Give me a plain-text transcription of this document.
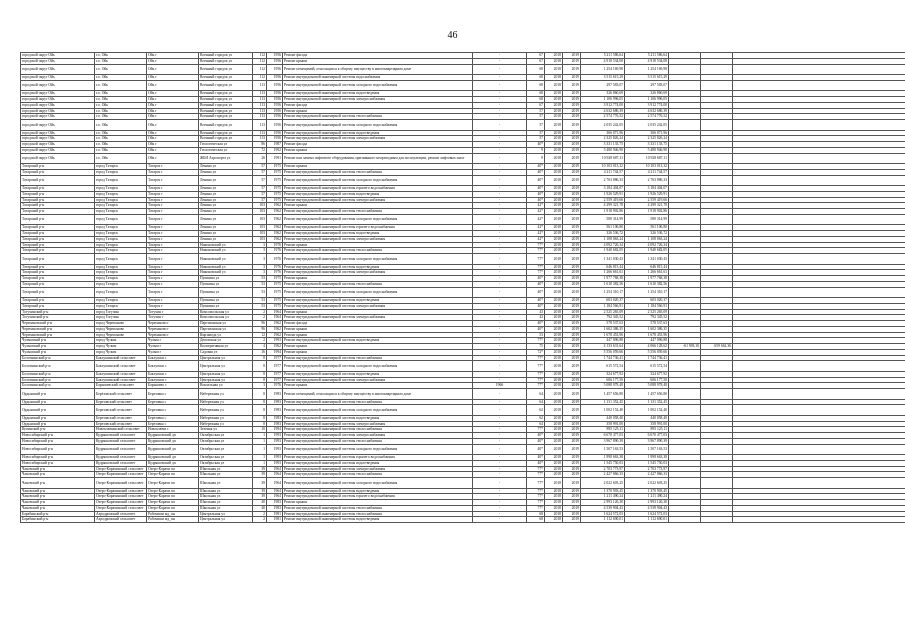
46
городской округ Ойь	г.о. Ойь	Ойь г	Военный городок ул	112	1956	Ремонт фасада	-	67	2018	2019	5 211 586,64	5 211 586,64			
городской округ Ойь	г.о. Ойь	Ойь г	Военный городок ул	112	1956	Ремонт крыши	-	67	2018	2019	4 918 534,08	4 918 534,08			
городской округ Ойь	г.о. Ойь	Ойь г	Военный городок ул	112	1956	Ремонт помещений, относящихся к общему имуществу в многоквартирном доме	-	68	2018	2019	1 254 169,98	1 254 169,98			
городской округ Ойь	г.о. Ойь	Ойь г	Военный городок ул	112	1956	Ремонт внутридомовой инженерной системы водоснабжения	-	68	2018	2019	3 515 615,29	3 515 615,29			
городской округ Ойь	г.о. Ойь	Ойь г	Военный городок ул	113	1956	Ремонт внутридомовой инженерной системы холодного водоснабжения	-	68	2018	2019	297 583,07	297 583,07			
городской округ Ойь	г.о. Ойь	Ойь г	Военный городок ул	113	1956	Ремонт внутридомовой инженерной системы водоотведения	-	68	2018	2019	326 860,69	326 860,69			
городской округ Ойь	г.о. Ойь	Ойь г	Военный городок ул	113	1956	Ремонт внутридомовой инженерной системы электроснабжения	-	68	2018	2019	1 106 996,05	1 106 996,05			
городской округ Ойь	г.о. Ойь	Ойь г	Военный городок ул	113	1956	Ремонт фасада	-	67	2018	2019	3 912 774,00	3 912 774,00			
городской округ Ойь	г.о. Ойь	Ойь г	Военный городок ул	113	1956	Ремонт крыши	-	57	2018	2019	4 632 686,39	4 632 686,39			
городской округ Ойь	г.о. Ойь	Ойь г	Военный городок ул	113	1956	Ремонт внутридомовой инженерной системы теплоснабжения	-	57	2018	2019	2 574 776,52	2 574 776,52			
городской округ Ойь	г.о. Ойь	Ойь г	Военный городок ул	113	1956	Ремонт внутридомовой инженерной системы холодного водоснабжения	-	57	2018	2019	2 035 242,05	2 035 242,05			
городской округ Ойь	г.о. Ойь	Ойь г	Военный городок ул	113	1956	Ремонт внутридомовой инженерной системы водоотведения	-	57	2018	2019	366 071,96	366 071,96			
городской округ Ойь	г.о. Ойь	Ойь г	Военный городок ул	113	1956	Ремонт внутридомовой инженерной системы электроснабжения	-	57	2018	2019	2 325 826,24	2 325 826,24			
городской округ Ойь	г.о. Ойь	Ойь г	Геологическая ул	86	1987	Ремонт фасада	-	40*	2018	2019	3 331 133,75	3 331 133,75			
городской округ Ойь	г.о. Ойь	Ойь г	Геологическая ул	72	1992	Ремонт крыши	-	9	2018	2019	5 480 946,90	5 480 946,90			
городской округ Ойь	г.о. Ойь	Ойь г	ЖБИ Аэропорта ул	26	1991	Ремонт или замена лифтового оборудования, признанного непригодным для эксплуатации, ремонт лифтовых шахт	-	9	2018	2019	10 928 687,11	10 928 687,11			
Татарский р-н	город Татарск	Татарск г	Ленина ул	57	1975	Ремонт крыши	-	40*	2018	2019	10 103 013,32	10 103 013,32			
Татарский р-н	город Татарск	Татарск г	Ленина ул	57	1975	Ремонт внутридомовой инженерной системы теплоснабжения	-	40*	2018	2019	4 211 744,57	4 211 744,57			
Татарский р-н	город Татарск	Татарск г	Ленина ул	57	1975	Ремонт внутридомовой инженерной системы холодного водоснабжения	-	40*	2018	2019	2 763 886,33	2 763 886,33			
Татарский р-н	город Татарск	Татарск г	Ленина ул	57	1975	Ремонт внутридомовой инженерной системы горячего водоснабжения	-	40*	2018	2019	3 184 404,07	3 184 404,07			
Татарский р-н	город Татарск	Татарск г	Ленина ул	57	1975	Ремонт внутридомовой инженерной системы водоотведения	-	40*	2018	2019	1 926 529,91	1 926 529,91			
Татарский р-н	город Татарск	Татарск г	Ленина ул	57	1975	Ремонт внутридомовой инженерной системы электроснабжения	-	40*	2018	2019	2 559 419,66	2 559 419,66			
Татарский р-н	город Татарск	Татарск г	Ленина ул	103	1962	Ремонт крыши	-	42*	2018	2019	4 299 321,78	4 299 321,78			
Татарский р-н	город Татарск	Татарск г	Ленина ул	103	1962	Ремонт внутридомовой инженерной системы теплоснабжения	-	42*	2018	2019	1 918 902,86	1 918 902,86			
Татарский р-н	город Татарск	Татарск г	Ленина ул	103	1962	Ремонт внутридомовой инженерной системы холодного водоснабжения	-	42*	2018	2019	580 314,99	580 314,99			
Татарский р-н	город Татарск	Татарск г	Ленина ул	103	1962	Ремонт внутридомовой инженерной системы горячего водоснабжения	-	42*	2018	2019	561 106,80	561 106,80			
Татарский р-н	город Татарск	Татарск г	Ленина ул	103	1962	Ремонт внутридомовой инженерной системы водоотведения	-	42*	2018	2019	326 536,72	326 536,72			
Татарский р-н	город Татарск	Татарск г	Ленина ул	103	1962	Ремонт внутридомовой инженерной системы электроснабжения	-	42*	2018	2019	1 108 063,24	1 108 063,24			
Татарский р-н	город Татарск	Татарск г	Никоновский ул	3	1976	Ремонт крыши	-	77*	2018	2019	4 092 726,34	4 092 726,34			
Татарский р-н	город Татарск	Татарск г	Никоновский ул	3	1976	Ремонт внутридомовой инженерной системы теплоснабжения	-	77*	2018	2019	1 940 682,05	1 940 682,05			
Татарский р-н	город Татарск	Татарск г	Никоновский ул	3	1976	Ремонт внутридомовой инженерной системы холодного водоснабжения	-	77*	2018	2019	1 341 030,43	1 341 030,43			
Татарский р-н	город Татарск	Татарск г	Никоновский ул	3	1976	Ремонт внутридомовой инженерной системы водоотведения	-	77*	2018	2019	646 815,44	646 815,44			
Татарский р-н	город Татарск	Татарск г	Никоновский ул	3	1976	Ремонт внутридомовой инженерной системы электроснабжения	-	77*	2018	2019	1 266 661,61	1 266 661,61			
Татарский р-н	город Татарск	Татарск г	Пушкина ул	53	1975	Ремонт крыши	-	40*	2018	2019	1 977 768,38	1 977 768,38			
Татарский р-н	город Татарск	Татарск г	Пушкина ул	53	1975	Ремонт внутридомовой инженерной системы теплоснабжения	-	40*	2018	2019	1 610 382,56	1 610 382,56			
Татарский р-н	город Татарск	Татарск г	Пушкина ул	53	1975	Ремонт внутридомовой инженерной системы холодного водоснабжения	-	40*	2018	2019	1 254 310,17	1 254 310,17			
Татарский р-н	город Татарск	Татарск г	Пушкина ул	53	1975	Ремонт внутридомовой инженерной системы водоотведения	-	40*	2018	2019	603 020,37	603 020,37			
Татарский р-н	город Татарск	Татарск г	Пушкина ул	53	1975	Ремонт внутридомовой инженерной системы электроснабжения	-	40*	2018	2019	1 184 566,91	1 184 566,91			
Тогучинский р-н	город Тогучин	Тогучин г	Комсомольская ул	2	1964	Ремонт крыши	-	43	2018	2019	2 525 265,09	2 525 265,09			
Тогучинский р-н	город Тогучин	Тогучин г	Комсомольская ул	2	1964	Ремонт внутридомовой инженерной системы электроснабжения	-	43	2018	2019	792 345,52	792 345,52			
Черепановский р-н	город Черепаново	Черепаново г	Партизанская ул	96	1962	Ремонт фасада	-	40*	2018	2019	578 537,63	578 537,63			
Черепановский р-н	город Черепаново	Черепаново г	Партизанская ул	96	1962	Ремонт крыши	-	40*	2018	2019	1 602 386,35	1 602 386,35			
Черепановский р-н	город Черепаново	Черепаново г	Кирзавода ул	12	1962	Ремонт крыши	-	53	2018	2019	1 678 453,96	1 678 453,96			
Чулымский р-н	город Чулым	Чулым г	Деповская ул	2	1993	Ремонт внутридомовой инженерной системы водоотведения	-	77*	2018	2019	447 096,88	447 096,88			
Чулымский р-н	город Чулым	Чулым г	Кооперативная ул	4	1962	Ремонт крыши	-	75	2016	2019	4 133 631,64	4 066 128,62	-61 903,10	659 662,36	
Чулымский р-н	город Чулым	Чулым г	Садовая ул	16	1994	Ремонт крыши	-	72*	2018	2019	5 556 059,66	5 556 059,66			
Болотнинский р-н	Баклушинский сельсовет	Баклушки с	Центральная ул	8	1977	Ремонт внутридомовой инженерной системы теплоснабжения	-	77*	2018	2019	1 744 736,41	1 744 736,41			
Болотнинский р-н	Баклушинский сельсовет	Баклушки с	Центральная ул	8	1977	Ремонт внутридомовой инженерной системы холодного водоснабжения	-	77*	2018	2019	615 572,54	615 572,54			
Болотнинский р-н	Баклушинский сельсовет	Баклушки с	Центральная ул	8	1977	Ремонт внутридомовой инженерной системы водоотведения	-	77*	2018	2019	324 677,92	324 677,92			
Болотнинский р-н	Баклушинский сельсовет	Баклушки с	Центральная ул	8	1977	Ремонт внутридомовой инженерной системы электроснабжения	-	77*	2018	2019	606 177,50	606 177,50			
Болотнинский р-н	Барышевский сельсовет	Барышево с	Вокзальная ул	3	1976	Ремонт крыши	1966	77*	2018	2019	5 088 978,48	5 088 978,48			
Ордынский р-н	Берёзовский сельсовет	Березовка с	Набережная ул	8	1983	Ремонт помещений, относящихся к общему имуществу в многоквартирном доме	-	64	2018	2019	1 457 656,80	1 457 656,80			
Ордынский р-н	Березовский сельсовет	Березовка с	Набережная ул	8	1983	Ремонт внутридомовой инженерной системы теплоснабжения	-	64	2018	2019	1 131 352,45	1 131 352,45			
Ордынский р-н	Березовский сельсовет	Березовка с	Набережная ул	8	1983	Ремонт внутридомовой инженерной системы холодного водоснабжения	-	62	2018	2019	1 002 152,40	1 002 152,40			
Ордынский р-н	Березовский сельсовет	Березовка с	Набережная ул	8	1983	Ремонт внутридомовой инженерной системы водоотведения	-	62	2018	2019	440 058,40	440 058,40			
Ордынский р-н	Березовский сельсовет	Березовка с	Набережная ул	8	1983	Ремонт внутридомовой инженерной системы электроснабжения	-	64	2018	2019	358 991,00	358 991,00			
Купинский р-н	Новоключинский сельсовет	Новоключи с	Зеленая ул	10	1994	Ремонт внутридомовой инженерной системы теплоснабжения	-	77*	2018	2019	895 125,11	895 125,11			
Новосибирский р-н	Кудряшовский сельсовет	Кудряшовский дп	Октябрьская ул	1	1993	Ремонт внутридомовой инженерной системы электроснабжения	-	40*	2018	2019	6 670 477,03	6 670 477,03			
Новосибирский р-н	Кудряшовский сельсовет	Кудряшовский дп	Октябрьская ул	1	1993	Ремонт внутридомовой инженерной системы теплоснабжения	-	40*	2018	2019	3 967 890,39	3 967 890,39			
Новосибирский р-н	Кудряшовский сельсовет	Кудряшовский дп	Октябрьская ул	1	1993	Ремонт внутридомовой инженерной системы холодного водоснабжения	-	40*	2018	2019	1 507 163,53	1 507 163,53			
Новосибирский р-н	Кудряшовский сельсовет	Кудряшовский дп	Октябрьская ул	1	1993	Ремонт внутридомовой инженерной системы горячего водоснабжения	-	40*	2018	2019	1 998 663,38	1 998 663,38			
Новосибирский р-н	Кудряшовский сельсовет	Кудряшовский дп	Октябрьская ул	1	1993	Ремонт внутридомовой инженерной системы водоотведения	-	40*	2018	2019	1 545 750,03	1 545 750,03			
Чановский р-н	Озеро-Карачинский сельсовет	Озеро-Карачи пп	Школьная ул	39	1964	Ремонт внутридомовой инженерной системы электроснабжения	-	77*	2018	2019	2 703 773,97	2 703 773,97			
Чановский р-н	Озеро-Карачинский сельсовет	Озеро-Карачи пп	Школьная ул	39	1964	Ремонт внутридомовой инженерной системы теплоснабжения	-	77*	2018	2019	2 427 866,33	2 427 866,33			
Чановский р-н	Озеро-Карачинский сельсовет	Озеро-Карачи пп	Школьная ул	39	1964	Ремонт внутридомовой инженерной системы холодного водоснабжения	-	77*	2018	2019	2 022 603,25	2 022 603,25			
Чановский р-н	Озеро-Карачинский сельсовет	Озеро-Карачи пп	Школьная ул	39	1964	Ремонт внутридомовой инженерной системы водоотведения	-	77*	2018	2019	1 370 903,45	1 370 903,45			
Чановский р-н	Озеро-Карачинский сельсовет	Озеро-Карачи пп	Школьная ул	39	1964	Ремонт внутридомовой инженерной системы горячего водоснабжения	-	77*	2018	2019	1 211 490,24	1 211 490,24			
Чановский р-н	Озеро-Карачинский сельсовет	Озеро-Карачи пп	Школьная ул	40	1983	Ремонт крыши	-	77*	2018	2019	2 993 126,30	2 993 126,30			
Чановский р-н	Озеро-Карачинский сельсовет	Озеро-Карачи пп	Школьная ул	40	1983	Ремонт внутридомовой инженерной системы теплоснабжения	-	77*	2018	2019	4 539 904,43	4 539 904,43			
Барабинский р-н	Аэродромский сельсовет	Рабочиши мд_пн	Центральная ул	2	1981	Ремонт внутридомовой инженерной системы теплоснабжения	-	68	2018	2019	1 624 572,03	1 624 572,03			
Барабинский р-н	Аэродромский сельсовет	Рабочиши мд_пн	Центральная ул	2	1981	Ремонт внутридомовой инженерной системы водоотведения	-	68	2018	2019	1 112 690,01	1 112 690,01			
